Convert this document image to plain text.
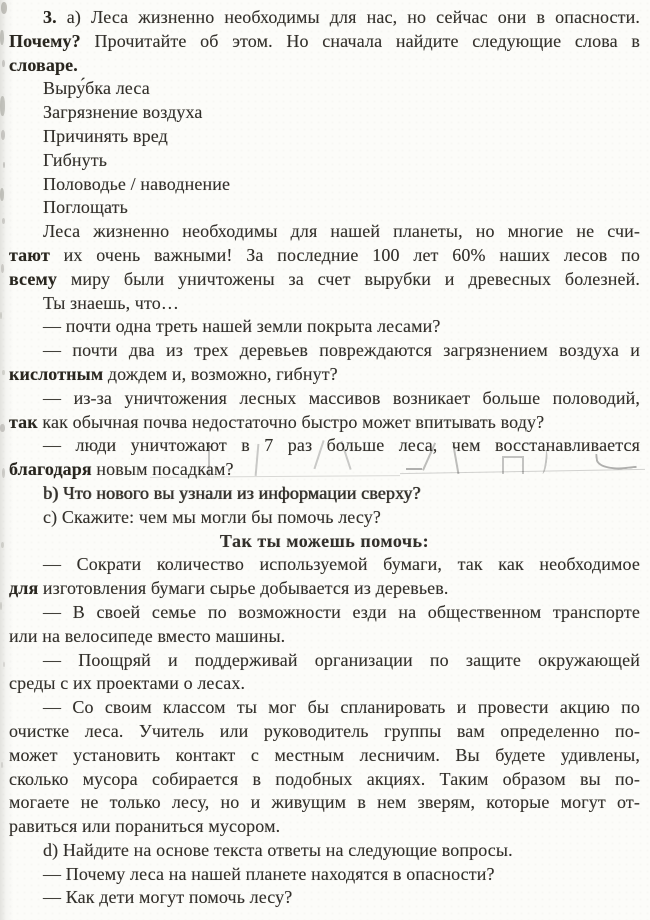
3. а) Леса жизненно необходимы для нас, но сейчас они в опасности.
Почему? Прочитайте об этом. Но сначала найдите следующие слова в
словаре.
Выру́бка леса
Загрязнение воздуха
Причинять вред
Гибнуть
Половодье / наводнение
Поглощать
Леса жизненно необходимы для нашей планеты, но многие не счи-
тают их очень важными! За последние 100 лет 60% наших лесов по
всему миру были уничтожены за счет вырубки и древесных болезней.
Ты знаешь, что…
— почти одна треть нашей земли покрыта лесами?
— почти два из трех деревьев повреждаются загрязнением воздуха и
кислотным дождем и, возможно, гибнут?
— из-за уничтожения лесных массивов возникает больше половодий,
так как обычная почва недостаточно быстро может впитывать воду?
— люди уничтожают в 7 раз больше леса, чем восстанавливается
благодаря новым посадкам?
b) Что нового вы узнали из информации сверху?
c) Скажите: чем мы могли бы помочь лесу?
Так ты можешь помочь:
— Сократи количество используемой бумаги, так как необходимое
для изготовления бумаги сырье добывается из деревьев.
— В своей семье по возможности езди на общественном транспорте
или на велосипеде вместо машины.
— Поощряй и поддерживай организации по защите окружающей
среды с их проектами о лесах.
— Со своим классом ты мог бы спланировать и провести акцию по
очистке леса. Учитель или руководитель группы вам определенно по-
может установить контакт с местным лесничим. Вы будете удивлены,
сколько мусора собирается в подобных акциях. Таким образом вы по-
могаете не только лесу, но и живущим в нем зверям, которые могут от-
равиться или пораниться мусором.
d) Найдите на основе текста ответы на следующие вопросы.
— Почему леса на нашей планете находятся в опасности?
— Как дети могут помочь лесу?
